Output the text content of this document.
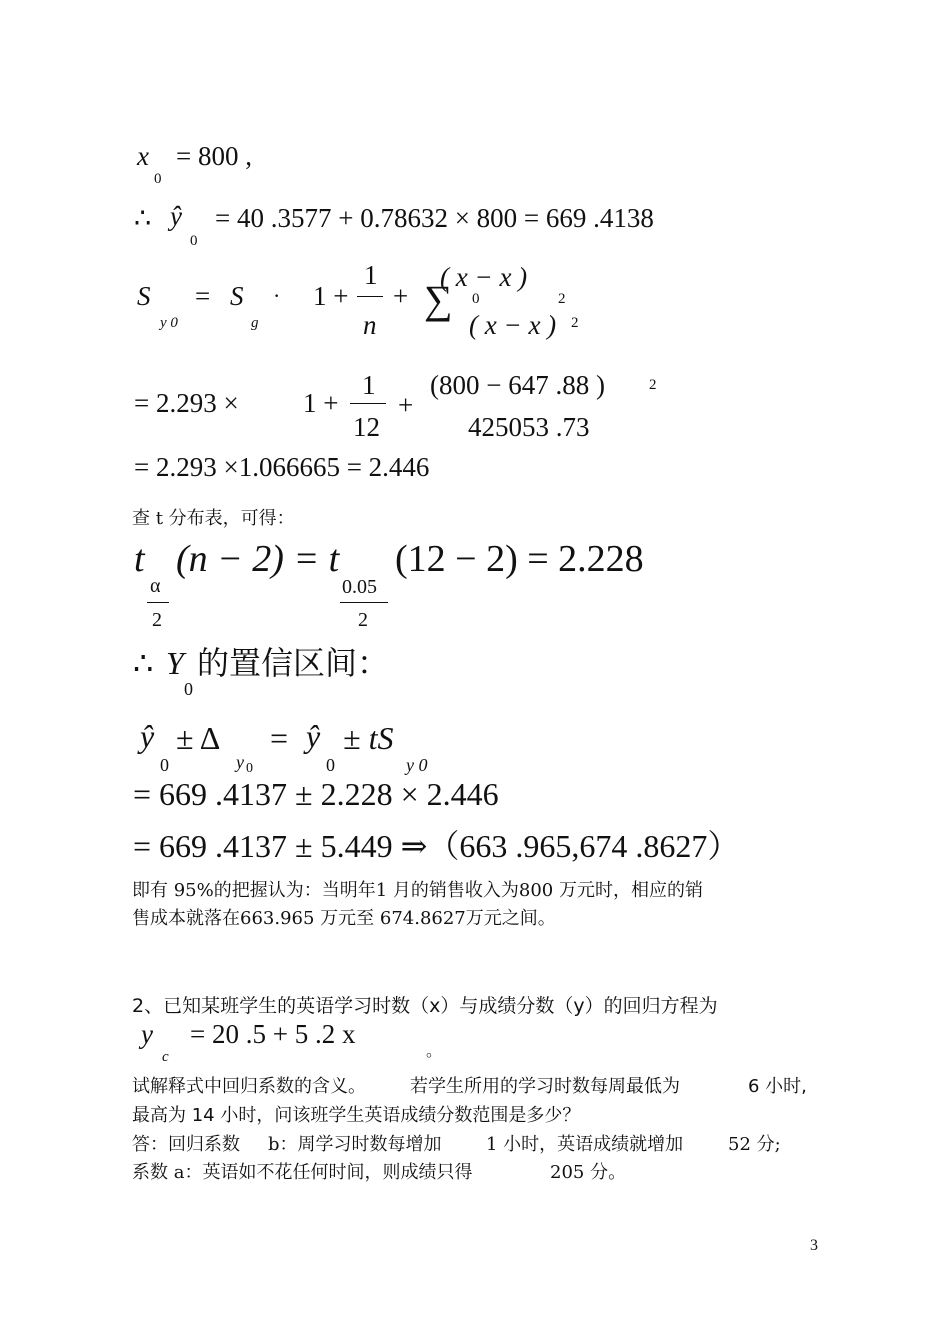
x
0
= 800 ,
∴ ŷ
0
= 40 .3577 + 0.78632 × 800 = 669 .4138
S
y 0
= S
g
· 1 +
1
n
+ ∑
( x − x )
0	2
( x − x ) 2
= 2.293 × 1 +
1
12
+
(800 − 647 .88 )	2
425053 .73
= 2.293 ×1.066665 = 2.446
查 t 分布表，可得：
t
α
2
(n − 2) = t
0.05
2
(12 − 2) = 2.228
∴ Y
0
的置信区间：
ŷ
0
± Δ
y 0
= ŷ
0
± tS
y 0
= 669 .4137 ± 2.228 × 2.446
= 669 .4137 ± 5.449 ⇒（663 .965,674 .8627）
即有 95%的把握认为：当明年1 月的销售收入为800 万元时，相应的销
售成本就落在663.965 万元至 674.8627万元之间。
2、已知某班学生的英语学习时数（x）与成绩分数（y）的回归方程为
y
c
= 20 .5 + 5 .2 x
。
试解释式中回归系数的含义。 若学生所用的学习时数每周最低为	6 小时,
最高为 14 小时，问该班学生英语成绩分数范围是多少？
答：回归系数 b：周学习时数每增加 1 小时，英语成绩就增加 52 分;
系数 a：英语如不花任何时间，则成绩只得	205 分。
3
